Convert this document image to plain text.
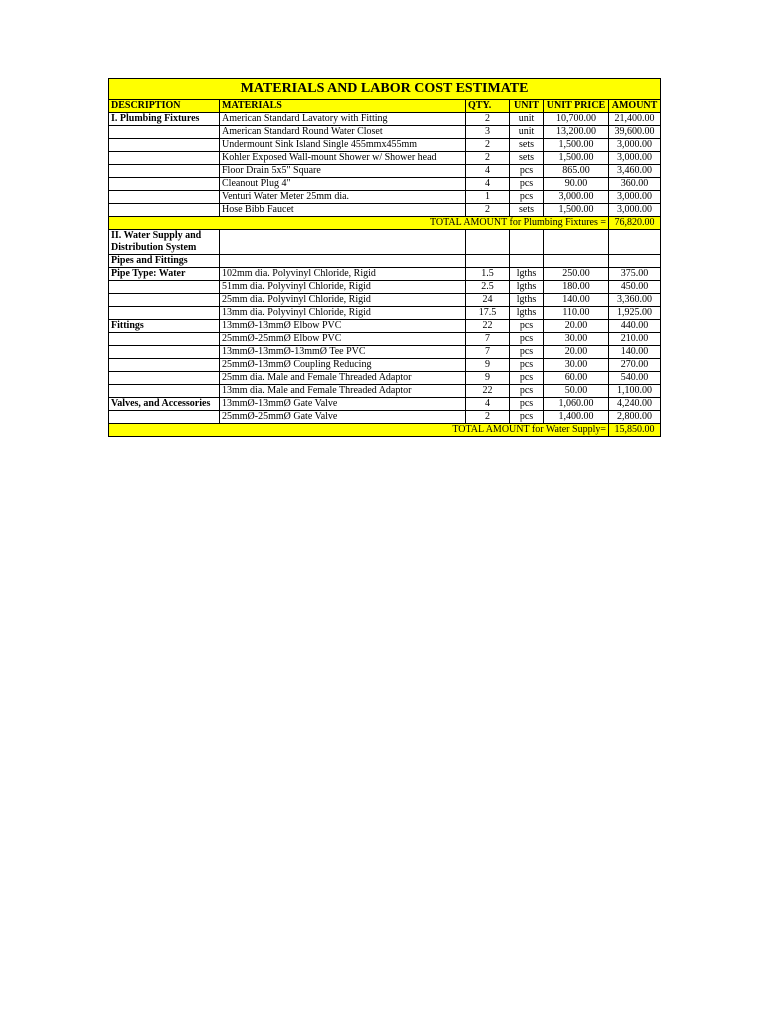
MATERIALS AND LABOR COST ESTIMATE					
DESCRIPTION	MATERIALS	QTY.	UNIT	UNIT PRICE	AMOUNT
I. Plumbing Fixtures	American Standard Lavatory with Fitting	2	unit	10,700.00	21,400.00
	American Standard Round Water Closet	3	unit	13,200.00	39,600.00
	Undermount Sink Island Single 455mmx455mm	2	sets	1,500.00	3,000.00
	Kohler Exposed Wall-mount Shower w/ Shower head	2	sets	1,500.00	3,000.00
	Floor Drain 5x5" Square	4	pcs	865.00	3,460.00
	Cleanout Plug 4"	4	pcs	90.00	360.00
	Venturi Water Meter 25mm dia.	1	pcs	3,000.00	3,000.00
	Hose Bibb Faucet	2	sets	1,500.00	3,000.00
TOTAL AMOUNT for Plumbing Fixtures =					76,820.00
II. Water Supply and Distribution System					
Pipes and Fittings					
Pipe Type: Water	102mm dia. Polyvinyl Chloride, Rigid	1.5	lgths	250.00	375.00
	51mm dia. Polyvinyl Chloride, Rigid	2.5	lgths	180.00	450.00
	25mm dia. Polyvinyl Chloride, Rigid	24	lgths	140.00	3,360.00
	13mm dia. Polyvinyl Chloride, Rigid	17.5	lgths	110.00	1,925.00
Fittings	13mmØ-13mmØ Elbow PVC	22	pcs	20.00	440.00
	25mmØ-25mmØ Elbow PVC	7	pcs	30.00	210.00
	13mmØ-13mmØ-13mmØ Tee PVC	7	pcs	20.00	140.00
	25mmØ-13mmØ Coupling Reducing	9	pcs	30.00	270.00
	25mm dia. Male and Female Threaded Adaptor	9	pcs	60.00	540.00
	13mm dia. Male and Female Threaded Adaptor	22	pcs	50.00	1,100.00
Valves, and Accessories	13mmØ-13mmØ Gate Valve	4	pcs	1,060.00	4,240.00
	25mmØ-25mmØ Gate Valve	2	pcs	1,400.00	2,800.00
TOTAL AMOUNT for Water Supply=					15,850.00
